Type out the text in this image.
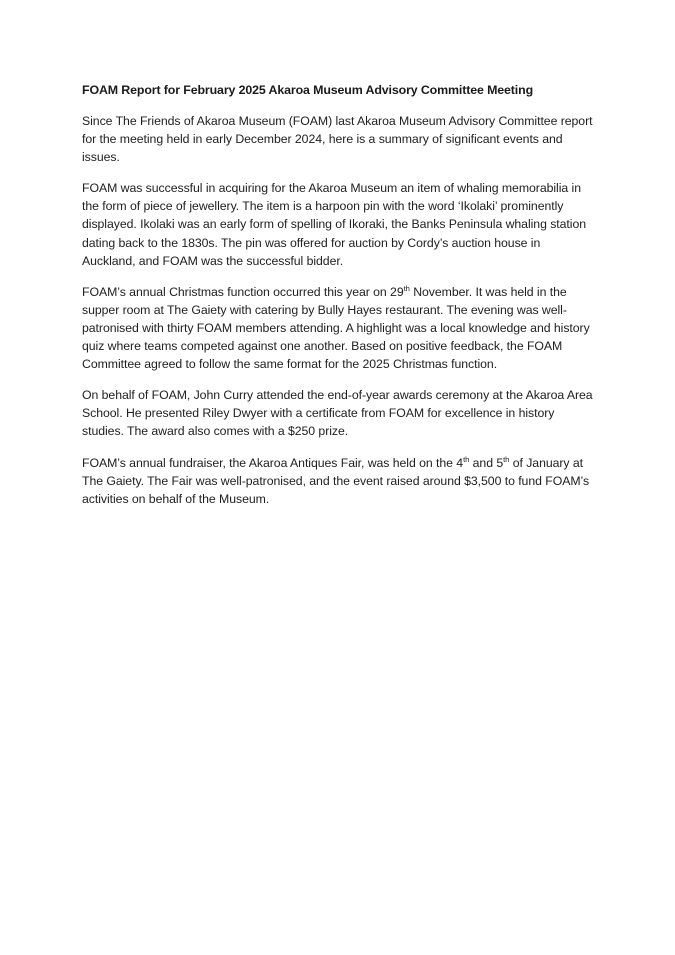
FOAM Report for February 2025 Akaroa Museum Advisory Committee Meeting

Since The Friends of Akaroa Museum (FOAM) last Akaroa Museum Advisory Committee report for the meeting held in early December 2024, here is a summary of significant events and issues.

FOAM was successful in acquiring for the Akaroa Museum an item of whaling memorabilia in the form of piece of jewellery. The item is a harpoon pin with the word ‘Ikolaki’ prominently displayed. Ikolaki was an early form of spelling of Ikoraki, the Banks Peninsula whaling station dating back to the 1830s. The pin was offered for auction by Cordy’s auction house in Auckland, and FOAM was the successful bidder.

FOAM’s annual Christmas function occurred this year on 29th November. It was held in the supper room at The Gaiety with catering by Bully Hayes restaurant. The evening was well-patronised with thirty FOAM members attending. A highlight was a local knowledge and history quiz where teams competed against one another. Based on positive feedback, the FOAM Committee agreed to follow the same format for the 2025 Christmas function.

On behalf of FOAM, John Curry attended the end-of-year awards ceremony at the Akaroa Area School. He presented Riley Dwyer with a certificate from FOAM for excellence in history studies. The award also comes with a $250 prize.

FOAM’s annual fundraiser, the Akaroa Antiques Fair, was held on the 4th and 5th of January at The Gaiety. The Fair was well-patronised, and the event raised around $3,500 to fund FOAM’s activities on behalf of the Museum.
